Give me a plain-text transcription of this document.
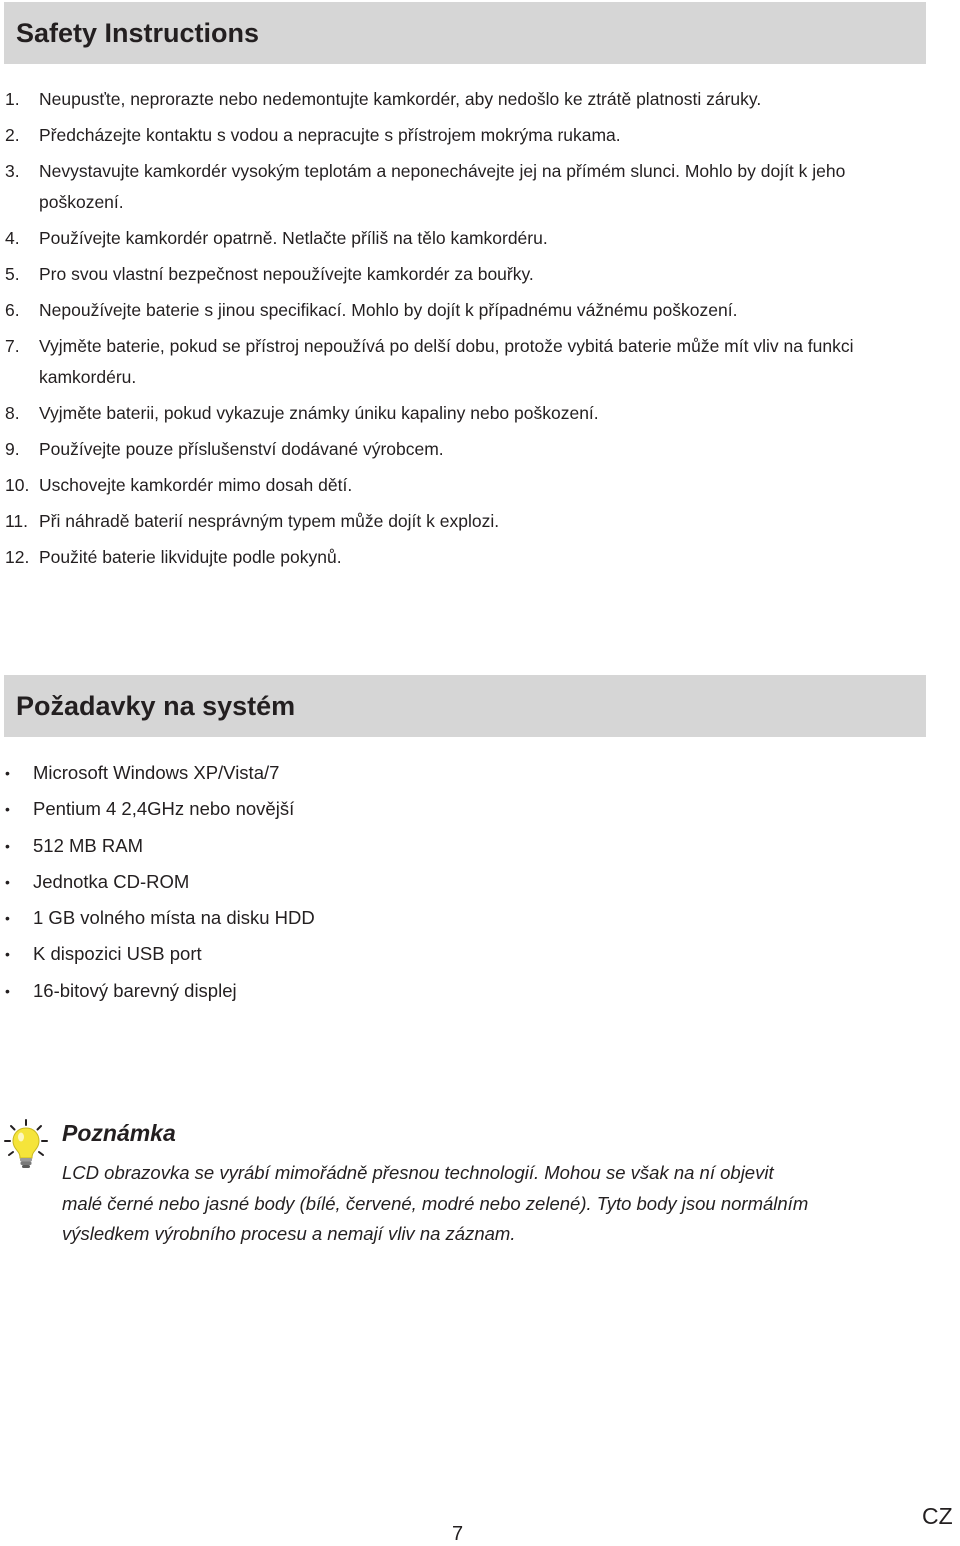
Safety Instructions
1.	Neupusťte, neprorazte nebo nedemontujte kamkordér, aby nedošlo ke ztrátě platnosti záruky.
2.	Předcházejte kontaktu s vodou a nepracujte s přístrojem mokrýma rukama.
3.	Nevystavujte kamkordér vysokým teplotám a neponechávejte jej na přímém slunci. Mohlo by dojít k jeho poškození.
4.	Používejte kamkordér opatrně. Netlačte příliš na tělo kamkordéru.
5.	Pro svou vlastní bezpečnost nepoužívejte kamkordér za bouřky.
6.	Nepoužívejte baterie s jinou specifikací. Mohlo by dojít k případnému vážnému poškození.
7.	Vyjměte baterie, pokud se přístroj nepoužívá po delší dobu, protože vybitá baterie může mít vliv na funkci kamkordéru.
8.	Vyjměte baterii, pokud vykazuje známky úniku kapaliny nebo poškození.
9.	Používejte pouze příslušenství dodávané výrobcem.
10. Uschovejte kamkordér mimo dosah dětí.
11. Při náhradě baterií nesprávným typem může dojít k explozi.
12. Použité baterie likvidujte podle pokynů.
Požadavky na systém
•	Microsoft Windows XP/Vista/7
•	Pentium 4 2,4GHz nebo novější
•	512 MB RAM
•	Jednotka CD-ROM
•	1 GB volného místa na disku HDD
•	K dispozici USB port
•	16-bitový barevný displej
Poznámka
LCD obrazovka se vyrábí mimořádně přesnou technologií. Mohou se však na ní objevit
malé černé nebo jasné body (bílé, červené, modré nebo zelené). Tyto body jsou normálním
výsledkem výrobního procesu a nemají vliv na záznam.
7
CZ
